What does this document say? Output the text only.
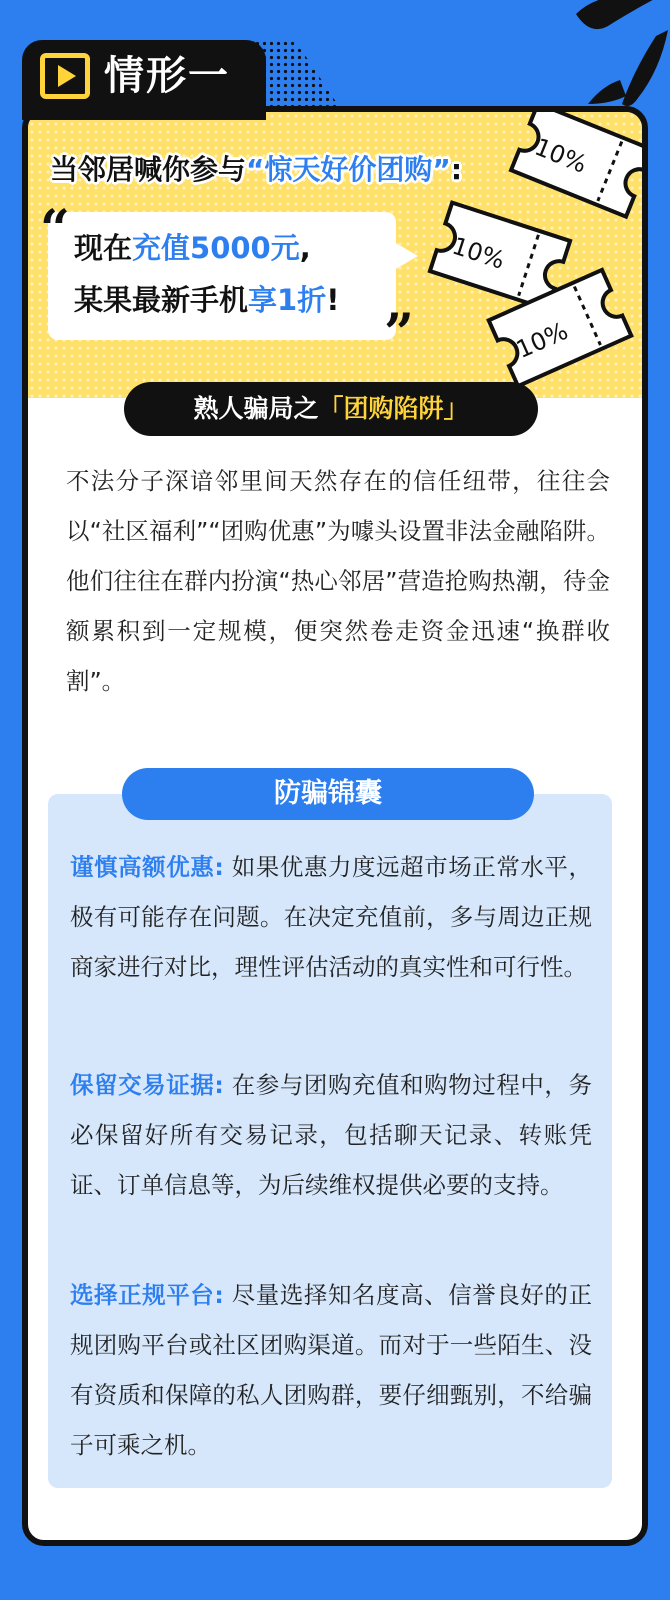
当邻居喊你参与“惊天好价团购”:
现在充值5000元,
某果最新手机享1折!
“
”
10%
10%
10%
熟人骗局之「团购陷阱」
不法分子深谙邻里间天然存在的信任纽带，往往会以“社区福利”“团购优惠”为噱头设置非法金融陷阱。他们往往在群内扮演“热心邻居”营造抢购热潮，待金额累积到一定规模，便突然卷走资金迅速“换群收割”。
防骗锦囊
谨慎高额优惠: 如果优惠力度远超市场正常水平，极有可能存在问题。在决定充值前，多与周边正规商家进行对比，理性评估活动的真实性和可行性。
保留交易证据: 在参与团购充值和购物过程中，务必保留好所有交易记录，包括聊天记录、转账凭证、订单信息等，为后续维权提供必要的支持。
选择正规平台: 尽量选择知名度高、信誉良好的正规团购平台或社区团购渠道。而对于一些陌生、没有资质和保障的私人团购群，要仔细甄别，不给骗子可乘之机。
情形一
